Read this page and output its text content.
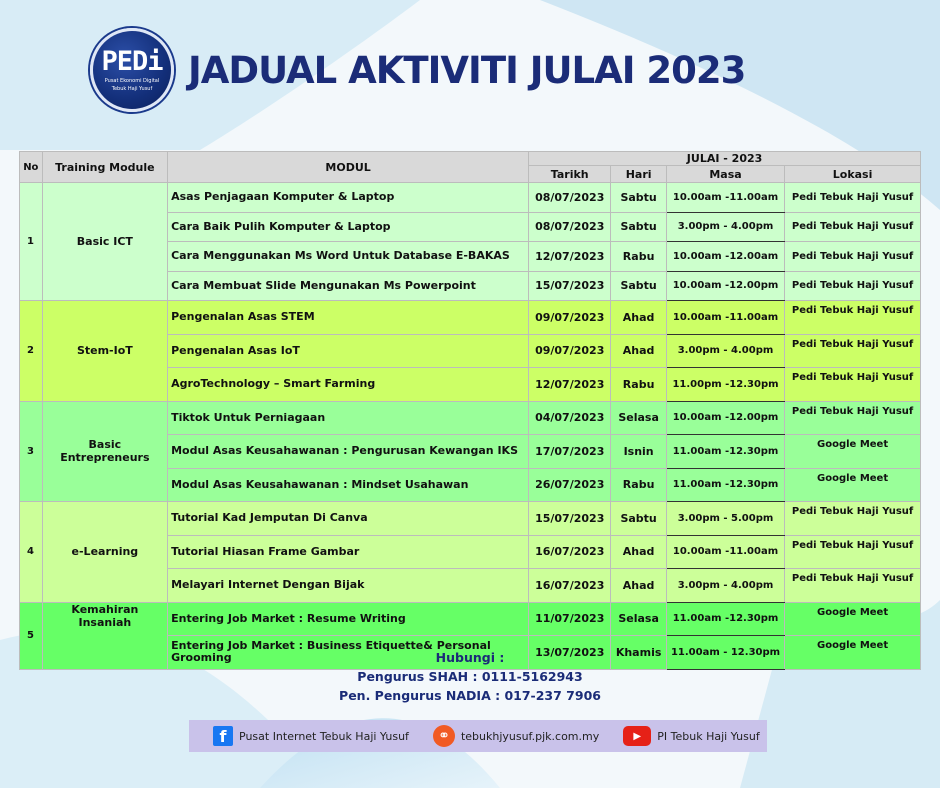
PEDi
Pusat Ekonomi Digital
Tebuk Haji Yusuf JADUAL AKTIVITI JULAI 2023
No	Training Module	MODUL	JULAI - 2023			
			Tarikh	Hari	Masa	Lokasi
1	Basic ICT	Asas Penjagaan Komputer & Laptop	08/07/2023	Sabtu	10.00am -11.00am	Pedi Tebuk Haji Yusuf
		Cara Baik Pulih Komputer & Laptop	08/07/2023	Sabtu	3.00pm - 4.00pm	Pedi Tebuk Haji Yusuf
		Cara Menggunakan Ms Word Untuk Database E-BAKAS	12/07/2023	Rabu	10.00am -12.00am	Pedi Tebuk Haji Yusuf
		Cara Membuat Slide Mengunakan Ms Powerpoint	15/07/2023	Sabtu	10.00am -12.00pm	Pedi Tebuk Haji Yusuf
2	Stem-IoT	Pengenalan Asas STEM	09/07/2023	Ahad	10.00am -11.00am	Pedi Tebuk Haji Yusuf
		Pengenalan Asas IoT	09/07/2023	Ahad	3.00pm - 4.00pm	Pedi Tebuk Haji Yusuf
		AgroTechnology – Smart Farming	12/07/2023	Rabu	11.00pm -12.30pm	Pedi Tebuk Haji Yusuf
3	Basic Entrepreneurs	Tiktok Untuk Perniagaan	04/07/2023	Selasa	10.00am -12.00pm	Pedi Tebuk Haji Yusuf
		Modul Asas Keusahawanan : Pengurusan Kewangan IKS	17/07/2023	Isnin	11.00am -12.30pm	Google Meet
		Modul Asas Keusahawanan : Mindset Usahawan	26/07/2023	Rabu	11.00am -12.30pm	Google Meet
4	e-Learning	Tutorial Kad Jemputan Di Canva	15/07/2023	Sabtu	3.00pm - 5.00pm	Pedi Tebuk Haji Yusuf
		Tutorial Hiasan Frame Gambar	16/07/2023	Ahad	10.00am -11.00am	Pedi Tebuk Haji Yusuf
		Melayari Internet Dengan Bijak	16/07/2023	Ahad	3.00pm - 4.00pm	Pedi Tebuk Haji Yusuf
5	Kemahiran Insaniah	Entering Job Market : Resume Writing	11/07/2023	Selasa	11.00am -12.30pm	Google Meet
		Entering Job Market : Business Etiquette& Personal Grooming	13/07/2023	Khamis	11.00am - 12.30pm	Google Meet
Hubungi :
Pengurus SHAH : 0111-5162943
Pen. Pengurus NADIA : 017-237 7906
f	Pusat Internet Tebuk Haji Yusuf	⚭	tebukhjyusuf.pjk.com.my	▶	PI Tebuk Haji Yusuf
